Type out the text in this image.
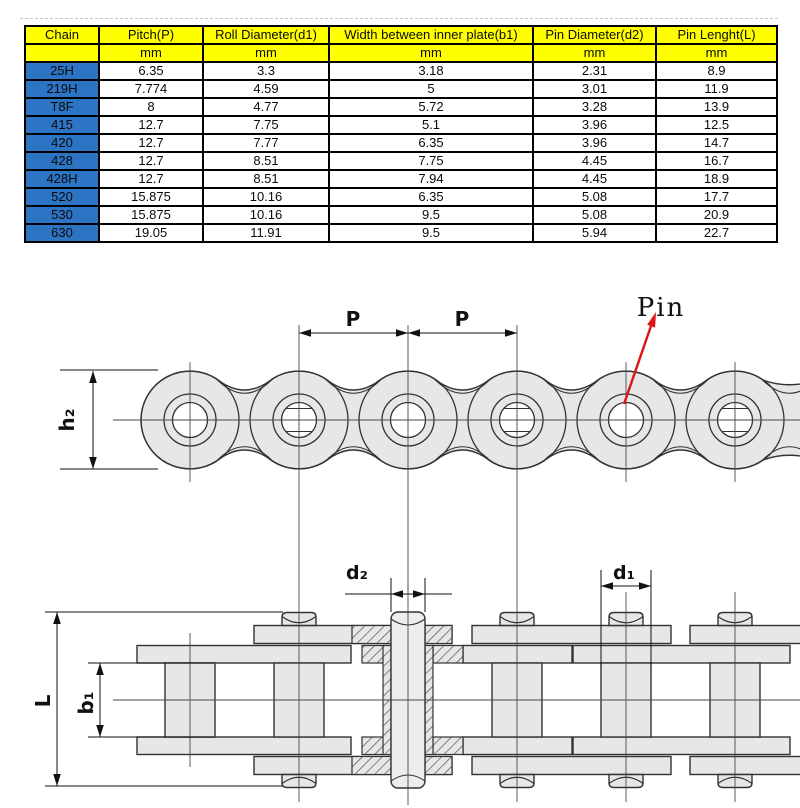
Chain	Pitch(P)	Roll Diameter(d1)	Width between inner plate(b1)	Pin Diameter(d2)	Pin Lenght(L)
	mm	mm	mm	mm	mm
25H	6.35	3.3	3.18	2.31	8.9
219H	7.774	4.59	5	3.01	11.9
T8F	8	4.77	5.72	3.28	13.9
415	12.7	7.75	5.1	3.96	12.5
420	12.7	7.77	6.35	3.96	14.7
428	12.7	8.51	7.75	4.45	16.7
428H	12.7	8.51	7.94	4.45	18.9
520	15.875	10.16	6.35	5.08	17.7
530	15.875	10.16	9.5	5.08	20.9
630	19.05	11.91	9.5	5.94	22.7
P	P
h₂
Pin
L b₁
d₂	d₁
